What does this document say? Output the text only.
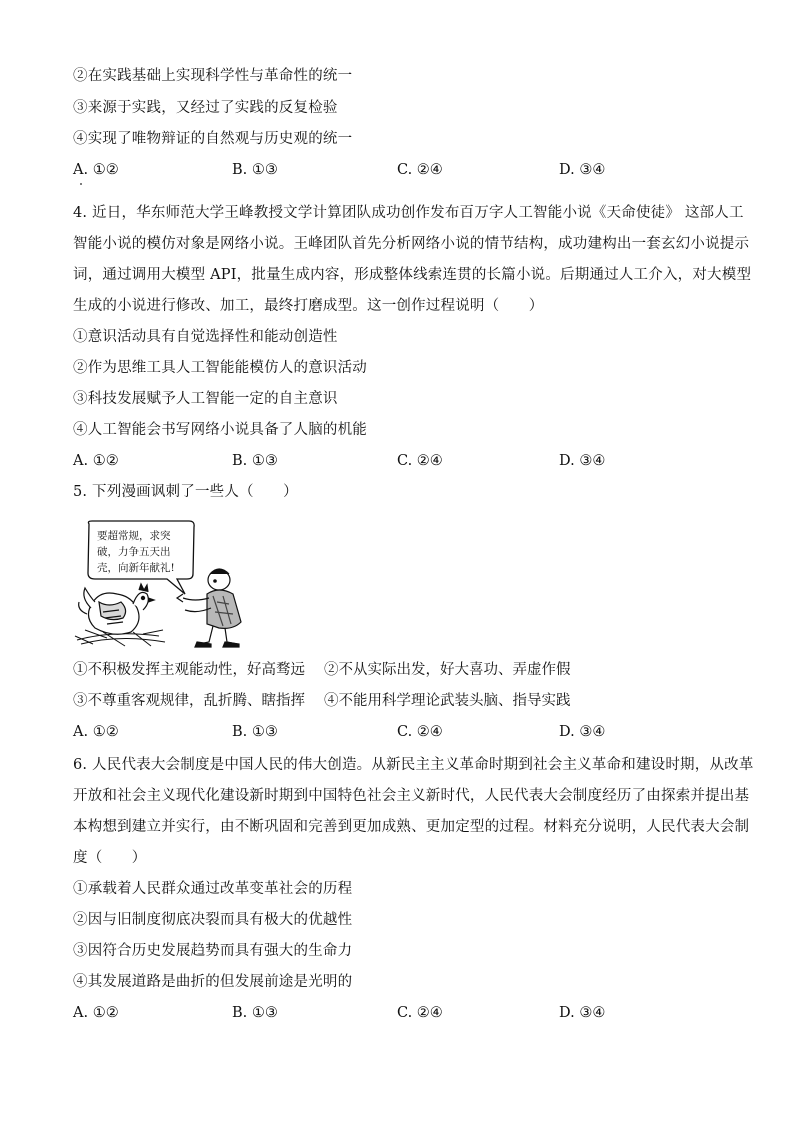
②在实践基础上实现科学性与革命性的统一
③来源于实践，又经过了实践的反复检验
④实现了唯物辩证的自然观与历史观的统一
A. ①②	B. ①③	C. ②④	D. ③④
4. 近日，华东师范大学王峰教授文学计算团队成功创作发布百万字人工智能小说《天命使徒》 这部人工
智能小说的模仿对象是网络小说。王峰团队首先分析网络小说的情节结构，成功建构出一套玄幻小说提示
词，通过调用大模型 API，批量生成内容，形成整体线索连贯的长篇小说。后期通过人工介入，对大模型
生成的小说进行修改、加工，最终打磨成型。这一创作过程说明（　　）
①意识活动具有自觉选择性和能动创造性
②作为思维工具人工智能能模仿人的意识活动
③科技发展赋予人工智能一定的自主意识
④人工智能会书写网络小说具备了人脑的机能
A. ①②	B. ①③	C. ②④	D. ③④
5. 下列漫画讽刺了一些人（　　）
要超常规，求突
破，力争五天出
壳，向新年献礼!
①不积极发挥主观能动性，好高骛远 ②不从实际出发，好大喜功、弄虚作假
③不尊重客观规律，乱折腾、瞎指挥 ④不能用科学理论武装头脑、指导实践
A. ①②	B. ①③	C. ②④	D. ③④
6. 人民代表大会制度是中国人民的伟大创造。从新民主主义革命时期到社会主义革命和建设时期，从改革
开放和社会主义现代化建设新时期到中国特色社会主义新时代，人民代表大会制度经历了由探索并提出基
本构想到建立并实行，由不断巩固和完善到更加成熟、更加定型的过程。材料充分说明，人民代表大会制
度（　　）
①承载着人民群众通过改革变革社会的历程
②因与旧制度彻底决裂而具有极大的优越性
③因符合历史发展趋势而具有强大的生命力
④其发展道路是曲折的但发展前途是光明的
A. ①②	B. ①③	C. ②④	D. ③④
